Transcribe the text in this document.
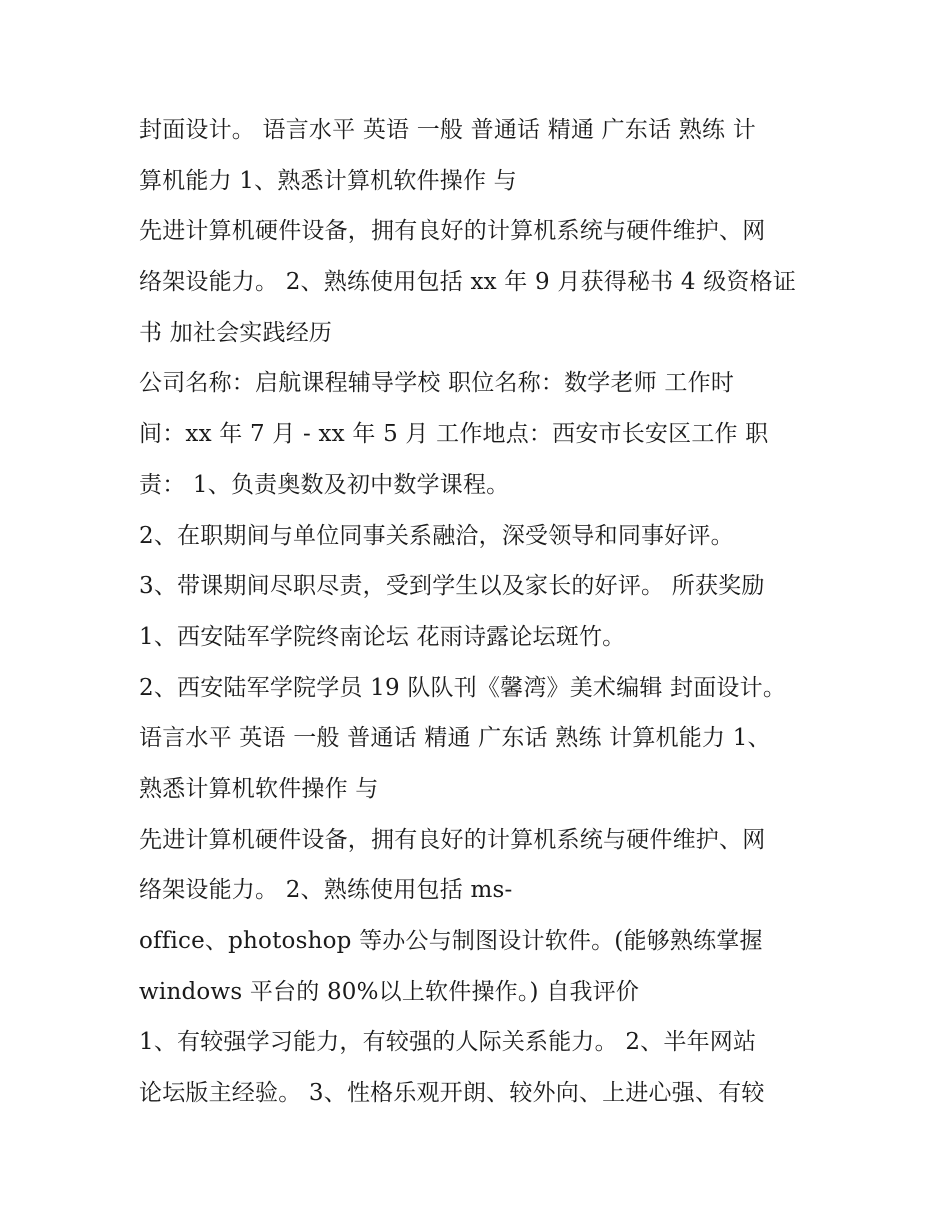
封面设计。 语言水平 英语 一般 普通话 精通 广东话 熟练 计
算机能力 1、熟悉计算机软件操作 与
先进计算机硬件设备，拥有良好的计算机系统与硬件维护、网
络架设能力。 2、熟练使用包括 xx 年 9 月获得秘书 4 级资格证
书 加社会实践经历
公司名称：启航课程辅导学校 职位名称：数学老师 工作时
间：xx 年 7 月 - xx 年 5 月 工作地点：西安市长安区工作 职
责： 1、负责奥数及初中数学课程。
2、在职期间与单位同事关系融洽，深受领导和同事好评。
3、带课期间尽职尽责，受到学生以及家长的好评。 所获奖励
1、西安陆军学院终南论坛 花雨诗露论坛斑竹。
2、西安陆军学院学员 19 队队刊《馨湾》美术编辑 封面设计。
语言水平 英语 一般 普通话 精通 广东话 熟练 计算机能力 1、
熟悉计算机软件操作 与
先进计算机硬件设备，拥有良好的计算机系统与硬件维护、网
络架设能力。 2、熟练使用包括 ms-
office、photoshop 等办公与制图设计软件。(能够熟练掌握
windows 平台的 80%以上软件操作。) 自我评价
1、有较强学习能力，有较强的人际关系能力。 2、半年网站
论坛版主经验。 3、性格乐观开朗、较外向、上进心强、有较
